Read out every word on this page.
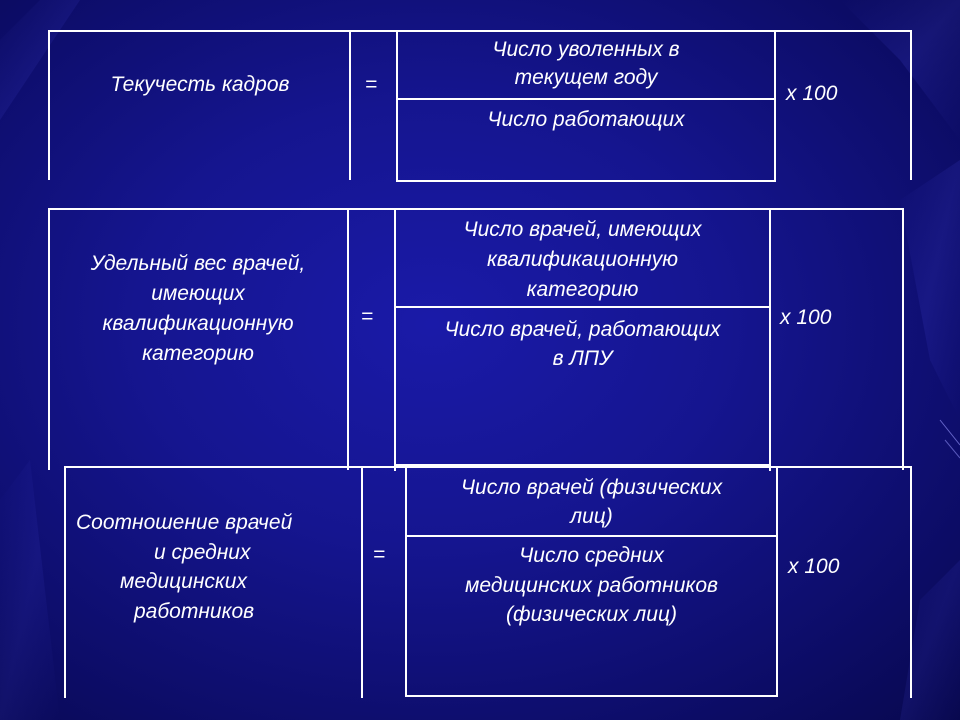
Текучесть кадров	=
Число уволенных в
текущем году
Число работающих
х 100
Удельный вес врачей,
имеющих
квалификационную
категорию
=
Число врачей, имеющих
квалификационную
категорию
Число врачей, работающих
в ЛПУ
х 100
Соотношение врачей
и средних
медицинских
работников
=
Число врачей (физических
лиц)
Число средних
медицинских работников
(физических лиц)
х 100
